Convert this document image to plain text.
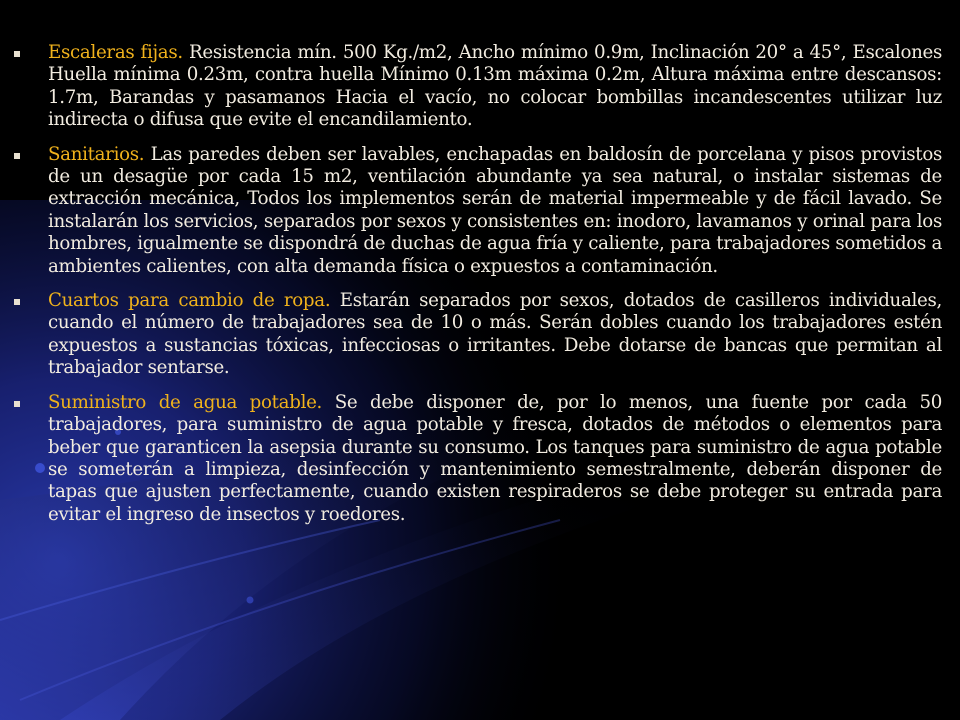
Escaleras fijas. Resistencia mín. 500 Kg./m2, Ancho mínimo 0.9m, Inclinación 20° a 45°, Escalones Huella mínima 0.23m, contra huella Mínimo 0.13m máxima 0.2m, Altura máxima entre descansos: 1.7m, Barandas y pasamanos Hacia el vacío, no colocar bombillas incandescentes utilizar luz indirecta o difusa que evite el encandilamiento.
Sanitarios. Las paredes deben ser lavables, enchapadas en baldosín de porcelana y pisos provistos de un desagüe por cada 15 m2, ventilación abundante ya sea natural, o instalar sistemas de extracción mecánica, Todos los implementos serán de material impermeable y de fácil lavado. Se instalarán los servicios, separados por sexos y consistentes en: inodoro, lavamanos y orinal para los hombres, igualmente se dispondrá de duchas de agua fría y caliente, para trabajadores sometidos a ambientes calientes, con alta demanda física o expuestos a contaminación.
Cuartos para cambio de ropa. Estarán separados por sexos, dotados de casilleros individuales, cuando el número de trabajadores sea de 10 o más. Serán dobles cuando los trabajadores estén expuestos a sustancias tóxicas, infecciosas o irritantes. Debe dotarse de bancas que permitan al trabajador sentarse.
Suministro de agua potable. Se debe disponer de, por lo menos, una fuente por cada 50 trabajadores, para suministro de agua potable y fresca, dotados de métodos o elementos para beber que garanticen la asepsia durante su consumo. Los tanques para suministro de agua potable se someterán a limpieza, desinfección y mantenimiento semestralmente, deberán disponer de tapas que ajusten perfectamente, cuando existen respiraderos se debe proteger su entrada para evitar el ingreso de insectos y roedores.
